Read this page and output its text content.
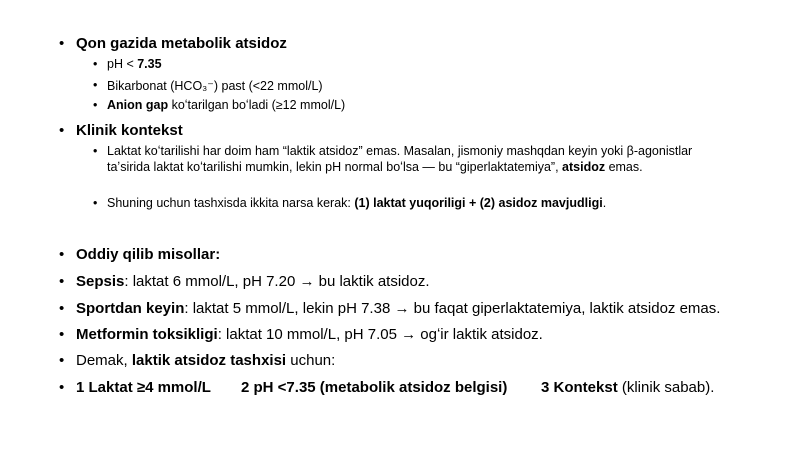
• Qon gazida metabolik atsidoz
• pH < 7.35
• Bikarbonat (HCO₃⁻) past (<22 mmol/L)
• Anion gap koʻtarilgan boʻladi (≥12 mmol/L)
• Klinik kontekst
• Laktat koʻtarilishi har doim ham “laktik atsidoz” emas. Masalan, jismoniy mashqdan keyin yoki β-agonistlar taʼsirida laktat koʻtarilishi mumkin, lekin pH normal boʻlsa — bu “giperlaktatemiya”, atsidoz emas.
• Shuning uchun tashxisda ikkita narsa kerak: (1) laktat yuqoriligi + (2) asidoz mavjudligi.
• Oddiy qilib misollar:
• Sepsis: laktat 6 mmol/L, pH 7.20 → bu laktik atsidoz.
• Sportdan keyin: laktat 5 mmol/L, lekin pH 7.38 → bu faqat giperlaktatemiya, laktik atsidoz emas.
• Metformin toksikligi: laktat 10 mmol/L, pH 7.05 → ogʻir laktik atsidoz.
• Demak, laktik atsidoz tashxisi uchun:
• 1 Laktat ≥4 mmol/L 2 pH <7.35 (metabolik atsidoz belgisi) 3 Kontekst (klinik sabab).
